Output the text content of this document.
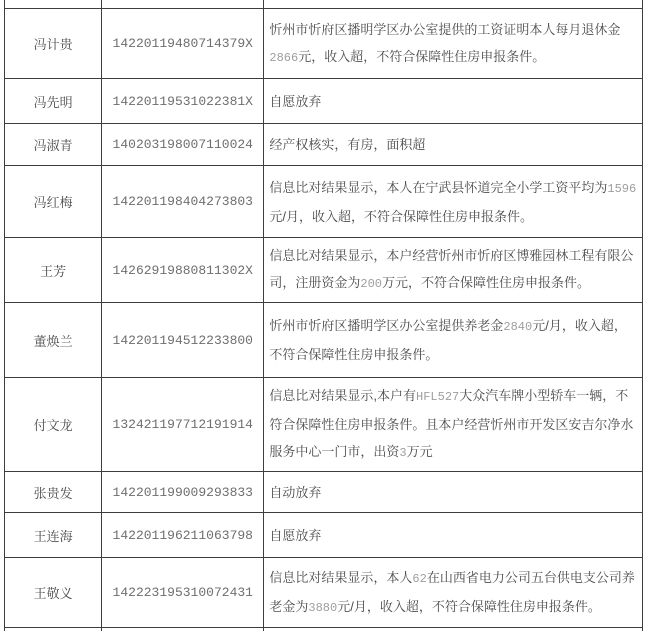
冯计贵	14220119480714379X	忻州市忻府区播明学区办公室提供的工资证明本人每月退休金2866元，收入超，不符合保障性住房申报条件。
冯先明	14220119531022381X	自愿放弃
冯淑青	140203198007110024	经产权核实，有房，面积超
冯红梅	142201198404273803	信息比对结果显示，本人在宁武县怀道完全小学工资平均为1596元/月，收入超，不符合保障性住房申报条件。
王芳	14262919880811302X	信息比对结果显示，本户经营忻州市忻府区博雅园林工程有限公司，注册资金为200万元，不符合保障性住房申报条件。
董焕兰	142201194512233800	忻州市忻府区播明学区办公室提供养老金2840元/月，收入超，不符合保障性住房申报条件。
付文龙	132421197712191914	信息比对结果显示,本户有HFL527大众汽车牌小型轿车一辆，不符合保障性住房申报条件。且本户经营忻州市开发区安吉尔净水服务中心一门市，出资3万元
张贵发	142201199009293833	自动放弃
王连海	142201196211063798	自愿放弃
王敬义	142223195310072431	信息比对结果显示，本人62在山西省电力公司五台供电支公司养老金为3880元/月，收入超，不符合保障性住房申报条件。
